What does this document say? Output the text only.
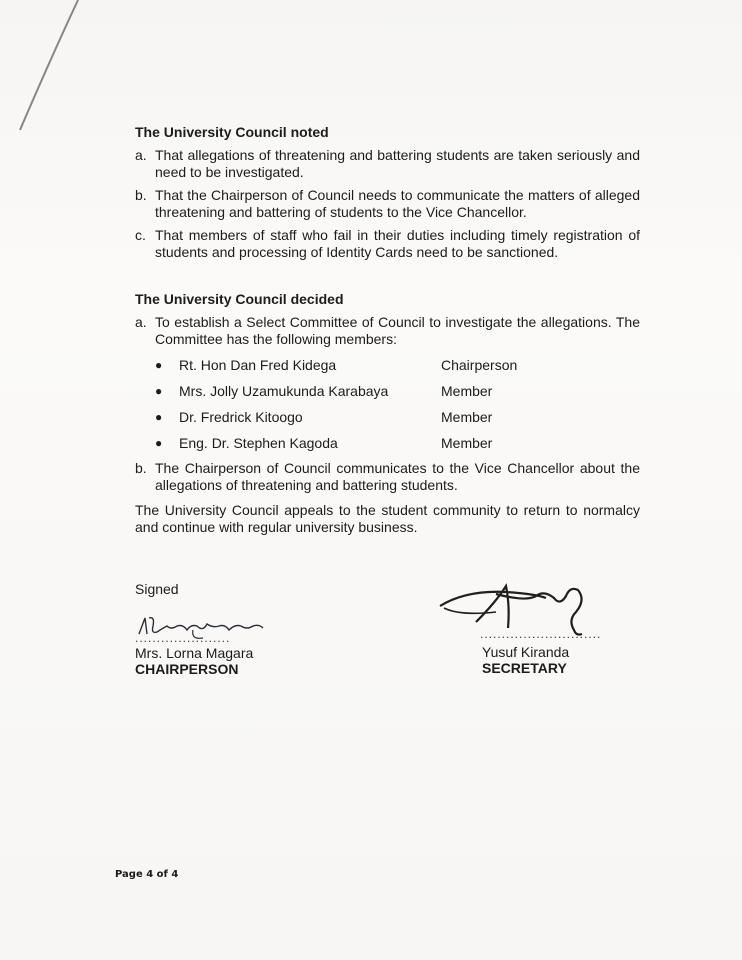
The University Council noted
a. That allegations of threatening and battering students are taken seriously and need to be investigated.
b. That the Chairperson of Council needs to communicate the matters of alleged threatening and battering of students to the Vice Chancellor.
c. That members of staff who fail in their duties including timely registration of students and processing of Identity Cards need to be sanctioned.
The University Council decided
a. To establish a Select Committee of Council to investigate the allegations. The Committee has the following members:
●	Rt. Hon Dan Fred Kidega	Chairperson
●	Mrs. Jolly Uzamukunda Karabaya	Member
●	Dr. Fredrick Kitoogo	Member
●	Eng. Dr. Stephen Kagoda	Member
b. The Chairperson of Council communicates to the Vice Chancellor about the allegations of threatening and battering students.
The University Council appeals to the student community to return to normalcy and continue with regular university business.
Signed
......................
Mrs. Lorna Magara
CHAIRPERSON
............................
Yusuf Kiranda
SECRETARY
Page 4 of 4
